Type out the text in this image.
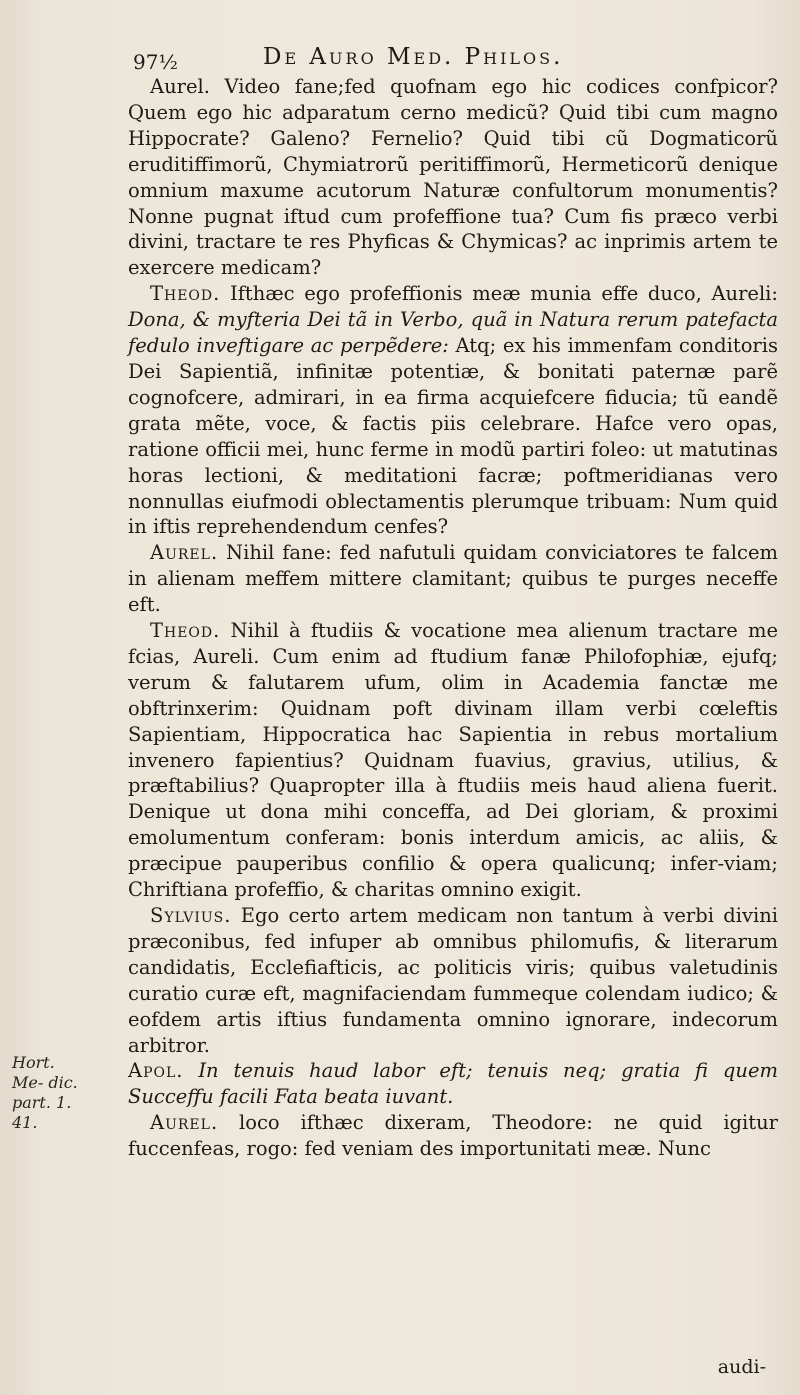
97½	De Auro Med. Philos.
Hort. Me- dic. part. 1. 41.

Aurel. Video fane;fed quofnam ego hic codices confpicor? Quem ego hic adparatum cerno medicũ? Quid tibi cum magno Hippocrate? Galeno? Fernelio? Quid tibi cũ Dogmaticorũ eruditiffimorũ, Chymiatrorũ peritiffimorũ, Hermeticorũ denique omnium maxume acutorum Naturæ confultorum monumentis? Nonne pugnat iftud cum profeffione tua? Cum fis præco verbi divini, tractare te res Phyficas & Chymicas? ac inprimis artem te exercere medicam?

Theod. Ifthæc ego profeffionis meæ munia effe duco, Aureli: Dona, & myfteria Dei tã in Verbo, quã in Natura rerum patefacta fedulo inveftigare ac perpẽdere: Atq; ex his immenfam conditoris Dei Sapientiã, infinitæ potentiæ, & bonitati paternæ parẽ cognofcere, admirari, in ea firma acquiefcere fiducia; tũ eandẽ grata mẽte, voce, & factis piis celebrare. Hafce vero opas, ratione officii mei, hunc ferme in modũ partiri foleo: ut matutinas horas lectioni, & meditationi facræ; poftmeridianas vero nonnullas eiufmodi oblectamentis plerumque tribuam: Num quid in iftis reprehendendum cenfes?

Aurel. Nihil fane: fed nafutuli quidam conviciatores te falcem in alienam meffem mittere clamitant; quibus te purges neceffe eft.

Theod. Nihil à ftudiis & vocatione mea alienum tractare me fcias, Aureli. Cum enim ad ftudium fanæ Philofophiæ, ejufq; verum & falutarem ufum, olim in Academia fanctæ me obftrinxerim: Quidnam poft divinam illam verbi cœleftis Sapientiam, Hippocratica hac Sapientia in rebus mortalium invenero fapientius? Quidnam fuavius, gravius, utilius, & præftabilius? Quapropter illa à ftudiis meis haud aliena fuerit. Denique ut dona mihi conceffa, ad Dei gloriam, & proximi emolumentum conferam: bonis interdum amicis, ac aliis, & præcipue pauperibus confilio & opera qualicunq; infer-viam; Chriftiana profeffio, & charitas omnino exigit.

Sylvius. Ego certo artem medicam non tantum à verbi divini præconibus, fed infuper ab omnibus philomufis, & literarum candidatis, Ecclefiafticis, ac politicis viris; quibus valetudinis curatio curæ eft, magnifaciendam fummeque colendam iudico; & eofdem artis iftius fundamenta omnino ignorare, indecorum arbitror.

Apol. In tenuis haud labor eft; tenuis neq; gratia fi quem Succeffu facili Fata beata iuvant.

Aurel. loco ifthæc dixeram, Theodore: ne quid igitur fuccenfeas, rogo: fed veniam des importunitati meæ. Nunc

audi-
